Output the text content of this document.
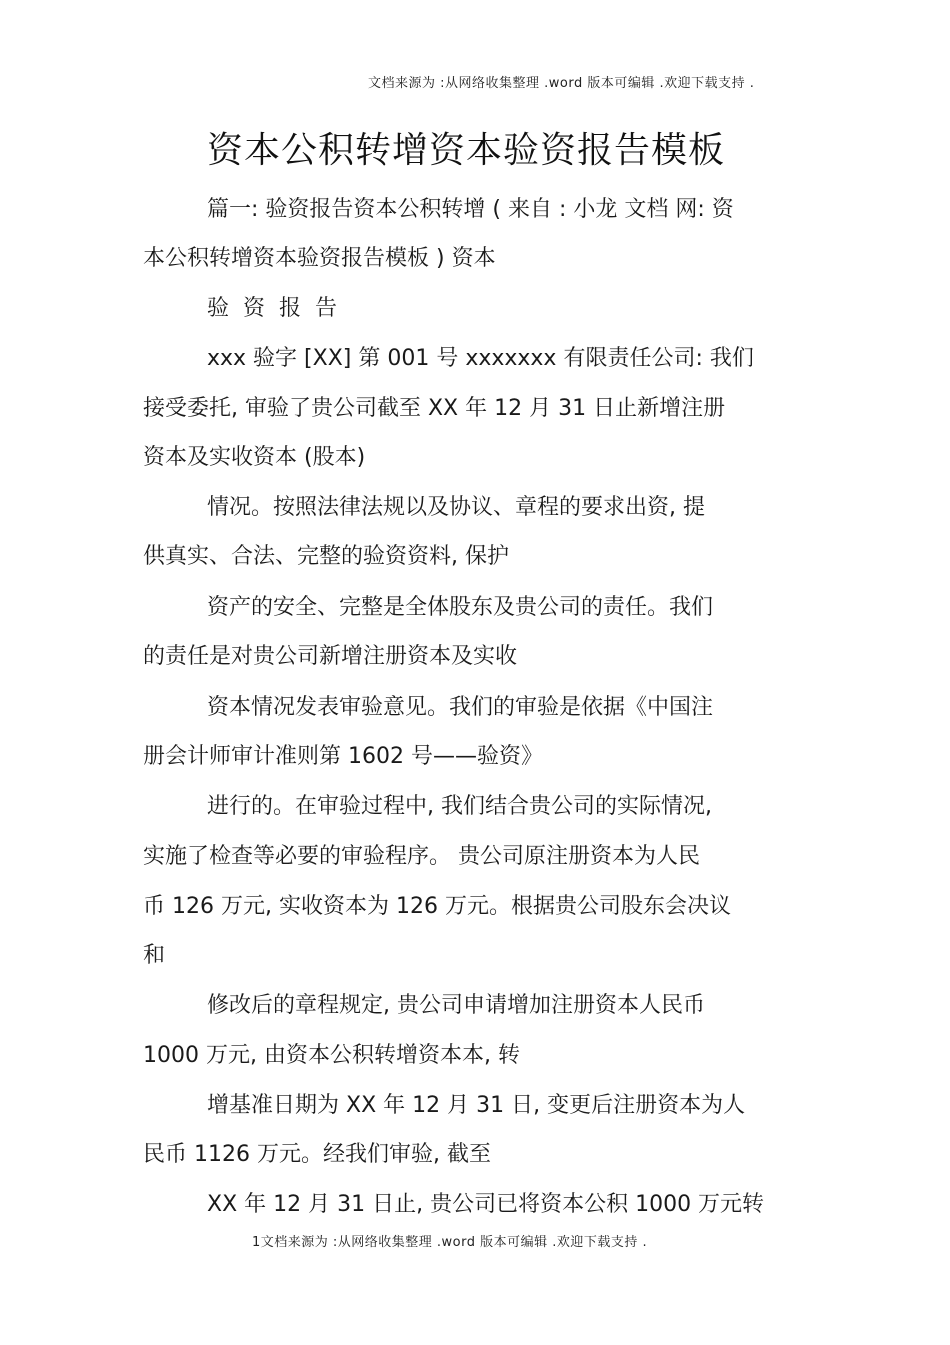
文档来源为 :从网络收集整理 .word 版本可编辑 .欢迎下载支持 .
资本公积转增资本验资报告模板
篇一: 验资报告资本公积转增 ( 来自 : 小龙 文档 网: 资
本公积转增资本验资报告模板 ) 资本
验资报告
xxx 验字 [XX] 第 001 号 xxxxxxx 有限责任公司: 我们
接受委托, 审验了贵公司截至 XX 年 12 月 31 日止新增注册
资本及实收资本 (股本)
情况。按照法律法规以及协议、章程的要求出资, 提
供真实、合法、完整的验资资料, 保护
资产的安全、完整是全体股东及贵公司的责任。我们
的责任是对贵公司新增注册资本及实收
资本情况发表审验意见。我们的审验是依据《中国注
册会计师审计准则第 1602 号——验资》
进行的。在审验过程中, 我们结合贵公司的实际情况,
实施了检查等必要的审验程序。 贵公司原注册资本为人民
币 126 万元, 实收资本为 126 万元。根据贵公司股东会决议
和
修改后的章程规定, 贵公司申请增加注册资本人民币
1000 万元, 由资本公积转增资本本, 转
增基准日期为 XX 年 12 月 31 日, 变更后注册资本为人
民币 1126 万元。经我们审验, 截至
XX 年 12 月 31 日止, 贵公司已将资本公积 1000 万元转
1文档来源为 :从网络收集整理 .word 版本可编辑 .欢迎下载支持 .
